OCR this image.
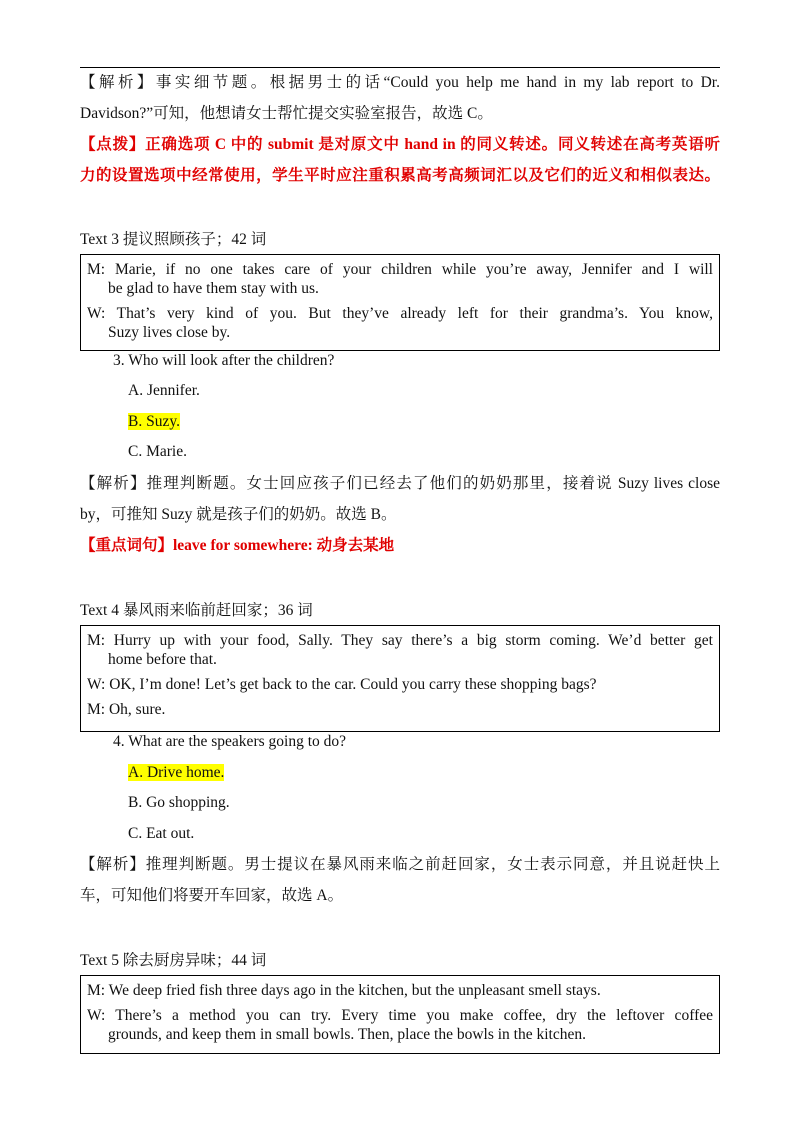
【解析】事实细节题。根据男士的话“Could you help me hand in my lab report to Dr.
Davidson?”可知，他想请女士帮忙提交实验室报告，故选 C。
【点拨】正确选项 C 中的 submit 是对原文中 hand in 的同义转述。同义转述在高考英语听
力的设置选项中经常使用，学生平时应注重积累高考高频词汇以及它们的近义和相似表达。
Text 3 提议照顾孩子；42 词
M: Marie, if no one takes care of your children while you’re away, Jennifer and I will
be glad to have them stay with us.
W: That’s very kind of you. But they’ve already left for their grandma’s. You know,
Suzy lives close by.
3. Who will look after the children?
A. Jennifer.
B. Suzy.
C. Marie.
【解析】推理判断题。女士回应孩子们已经去了他们的奶奶那里，接着说 Suzy lives close
by，可推知 Suzy 就是孩子们的奶奶。故选 B。
【重点词句】leave for somewhere: 动身去某地
Text 4 暴风雨来临前赶回家；36 词
M: Hurry up with your food, Sally. They say there’s a big storm coming. We’d better get
home before that.
W: OK, I’m done! Let’s get back to the car. Could you carry these shopping bags?
M: Oh, sure.
4. What are the speakers going to do?
A. Drive home.
B. Go shopping.
C. Eat out.
【解析】推理判断题。男士提议在暴风雨来临之前赶回家，女士表示同意，并且说赶快上
车，可知他们将要开车回家，故选 A。
Text 5 除去厨房异味；44 词
M: We deep fried fish three days ago in the kitchen, but the unpleasant smell stays.
W: There’s a method you can try. Every time you make coffee, dry the leftover coffee
grounds, and keep them in small bowls. Then, place the bowls in the kitchen.
